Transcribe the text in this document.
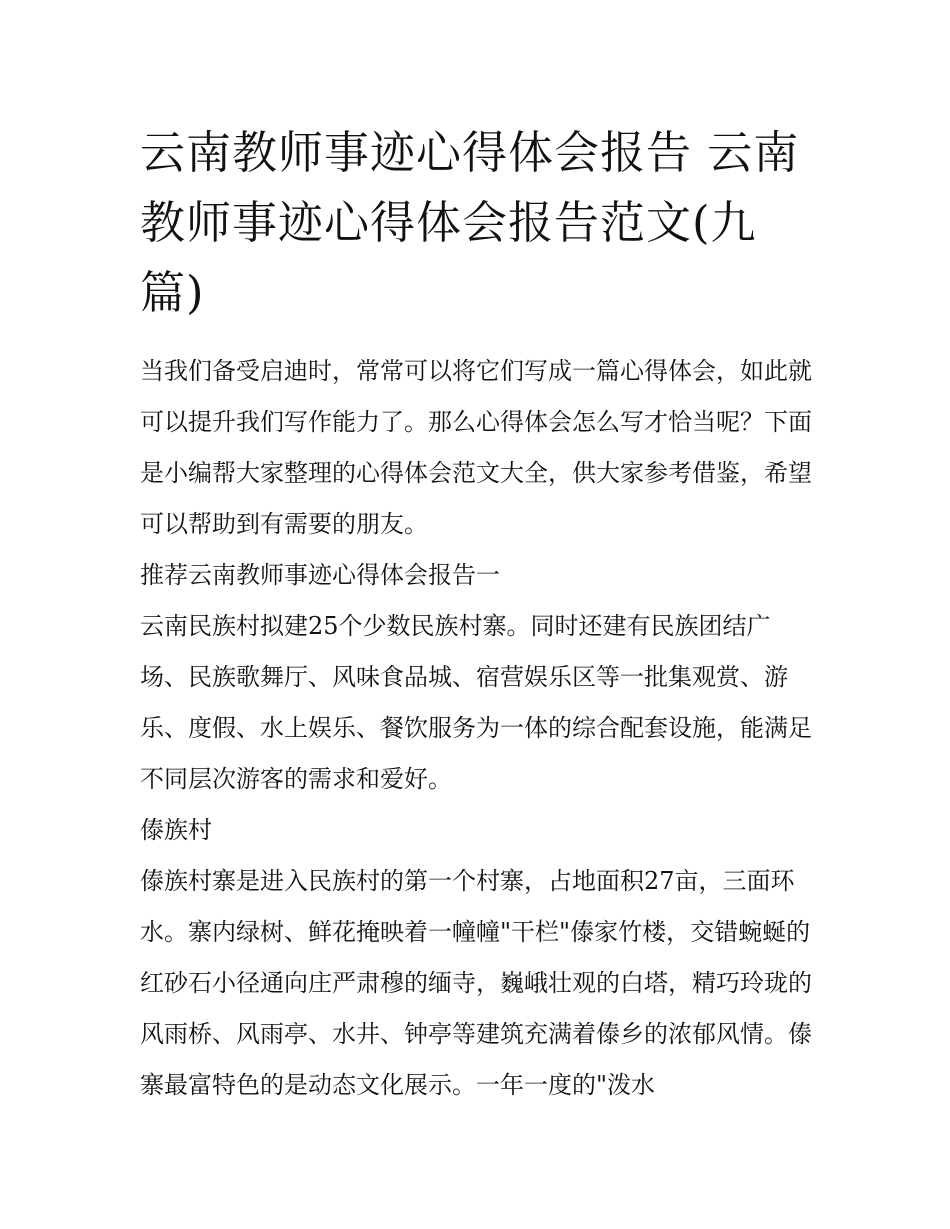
云南教师事迹心得体会报告 云南教师事迹心得体会报告范文(九篇)

当我们备受启迪时，常常可以将它们写成一篇心得体会，如此就可以提升我们写作能力了。那么心得体会怎么写才恰当呢？下面是小编帮大家整理的心得体会范文大全，供大家参考借鉴，希望可以帮助到有需要的朋友。

推荐云南教师事迹心得体会报告一

云南民族村拟建25个少数民族村寨。同时还建有民族团结广场、民族歌舞厅、风味食品城、宿营娱乐区等一批集观赏、游乐、度假、水上娱乐、餐饮服务为一体的综合配套设施，能满足不同层次游客的需求和爱好。

傣族村

傣族村寨是进入民族村的第一个村寨，占地面积27亩，三面环水。寨内绿树、鲜花掩映着一幢幢"干栏"傣家竹楼，交错蜿蜒的红砂石小径通向庄严肃穆的缅寺，巍峨壮观的白塔，精巧玲珑的风雨桥、风雨亭、水井、钟亭等建筑充满着傣乡的浓郁风情。傣寨最富特色的是动态文化展示。一年一度的"泼水
